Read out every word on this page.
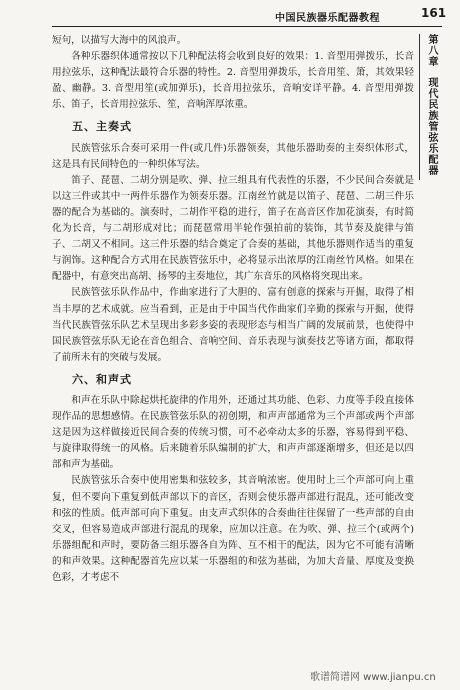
中国民族器乐配器教程	161
第八章
现代民族管弦乐配器

短句，以描写大海中的风浪声。

各种乐器织体通常按以下几种配法将会收到良好的效果：1. 音型用弹拨乐，长音用拉弦乐，这种配法最符合乐器的特性。2. 音型用弹拨乐，长音用笙、箫，其效果轻盈、幽静。3. 音型用笙(或加弹乐)，长音用拉弦乐，音响安详平静。4. 音型用弹拨乐、笛子，长音用拉弦乐、笙，音响浑厚浓重。

五、主奏式

民族管弦乐合奏可采用一件(或几件)乐器领奏，其他乐器助奏的主奏织体形式，这是具有民间特色的一种织体写法。

笛子、琵琶、二胡分别是吹、弹、拉三组具有代表性的乐器，不少民间合奏就是以这三件或其中一两件乐器作为领奏乐器。江南丝竹就是以笛子、琵琶、二胡三件乐器的配合为基础的。演奏时，二胡作平稳的进行，笛子在高音区作加花演奏，有时简化为长音，与二胡形成对比；而琵琶常用半轮作强拍前的装饰，其节奏及旋律与笛子、二胡又不相同。这三件乐器的结合奠定了合奏的基础，其他乐器则作适当的重复与润饰。这种配合方式用在民族管弦乐中，必将显示出浓厚的江南丝竹风格。如果在配器中，有意突出高胡、扬琴的主奏地位，其广东音乐的风格将突现出来。

民族管弦乐队作品中，作曲家进行了大胆的、富有创意的探索与开掘，取得了相当丰厚的艺术成就。应当看到，正是由于中国当代作曲家们辛勤的探索与开掘，使得当代民族管弦乐队艺术呈现出多彩多姿的表现形态与相当广阔的发展前景，也使得中国民族管弦乐队无论在音色组合、音响空间、音乐表现与演奏技艺等诸方面，都取得了前所未有的突破与发展。

六、和声式

和声在乐队中除起烘托旋律的作用外，还通过其功能、色彩、力度等手段直接体现作品的思想感情。在民族管弦乐队的初创期，和声声部通常为三个声部或两个声部这是因为这样做接近民间合奏的传统习惯，可不必牵动太多的乐器，容易得到平稳、与旋律取得统一的风格。后来随着乐队编制的扩大，和声声部逐渐增多，但还是以四部和声为基础。

民族管弦乐合奏中使用密集和弦较多，其音响浓密。使用时上三个声部可向上重复，但不要向下重复到低声部以下的音区，否则会使乐器声部进行混乱，还可能改变和弦的性质。低声部可向下重复。由支声式织体的合奏曲往往保留了一些声部的自由交叉，但容易造成声部进行混乱的现象，应加以注意。在为吹、弹、拉三个(或两个)乐器组配和声时，要防备三组乐器各自为阵、互不相干的配法，因为它不可能有清晰的和声效果。这种配器首先应以某一乐器组的和弦为基础，为加大音量、厚度及变换色彩，才考虑不

歌谱简谱网 www.jianpu.cn
